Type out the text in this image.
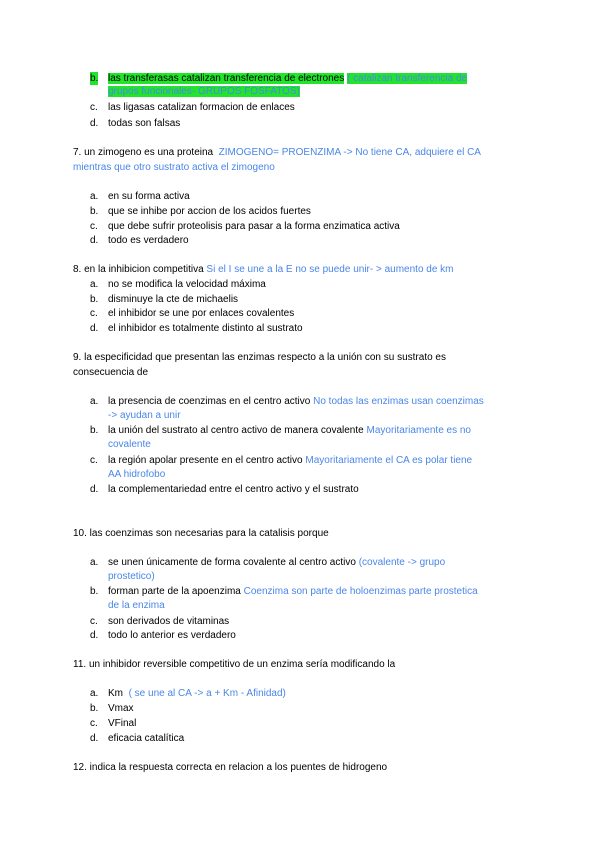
b. las transferasas catalizan transferencia de electrones ( catalizan transferencia de
grupos funcionales- GRUPOS FOSFATOS)
c. las ligasas catalizan formacion de enlaces
d. todas son falsas
7. un zimogeno es una proteina ZIMOGENO= PROENZIMA -> No tiene CA, adquiere el CA
mientras que otro sustrato activa el zimogeno
a. en su forma activa
b. que se inhibe por accion de los acidos fuertes
c. que debe sufrir proteolisis para pasar a la forma enzimatica activa
d. todo es verdadero
8. en la inhibicion competitiva Si el I se une a la E no se puede unir- > aumento de km
a. no se modifica la velocidad máxima
b. disminuye la cte de michaelis
c. el inhibidor se une por enlaces covalentes
d. el inhibidor es totalmente distinto al sustrato
9. la especificidad que presentan las enzimas respecto a la unión con su sustrato es
consecuencia de
a. la presencia de coenzimas en el centro activo No todas las enzimas usan coenzimas
-> ayudan a unir
b. la unión del sustrato al centro activo de manera covalente Mayoritariamente es no
covalente
c. la región apolar presente en el centro activo Mayoritariamente el CA es polar tiene
AA hidrofobo
d. la complementariedad entre el centro activo y el sustrato
10. las coenzimas son necesarias para la catalisis porque
a. se unen únicamente de forma covalente al centro activo (covalente -> grupo
prostetico)
b. forman parte de la apoenzima Coenzima son parte de holoenzimas parte prostetica
de la enzima
c. son derivados de vitaminas
d. todo lo anterior es verdadero
11. un inhibidor reversible competitivo de un enzima sería modificando la
a. Km ( se une al CA -> a + Km - Afinidad)
b. Vmax
c. VFinal
d. eficacia catalítica
12. indica la respuesta correcta en relacion a los puentes de hidrogeno
